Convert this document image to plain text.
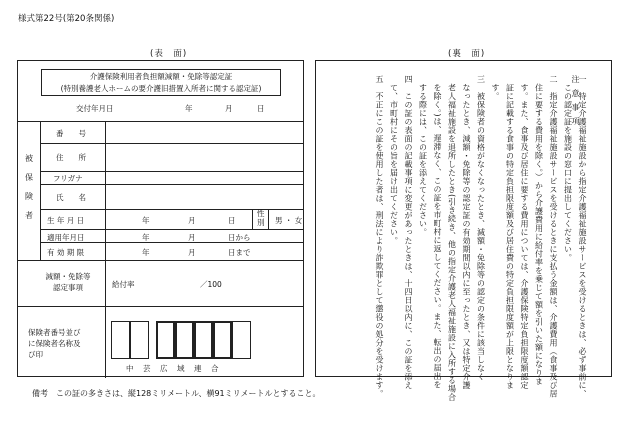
様式第22号(第20条関係)
(表　面)	(裏　面)
介護保険利用者負担額減額・免除等認定証
(特別養護老人ホームの要介護旧措置入所者に関する認定証)
交付年月日	年	月	日
被
保
険
者
番　　号
住　　所
フリガナ
氏　　名
生 年 月 日	年	月	日
性
別 男 ・ 女
適用年月日	年	月	日から
有 効 期 限	年	月	日まで
減額・免除等
認定事項	給付率	／100
保険者番号並び
に保険者名称及
び印
中　芸　広　域　連　合
備考　この証の多きさは、縦128ミリメートル、横91ミリメートルとすること。
注意事項
一　特定介護福祉施設から指定介護福祉施設サービスを受けるときは、必ず事前に、
　この認定証を施設の窓口に提出してください。
二　指定介護福祉施設サービスを受けるときに支払う金額は、介護費用（食事及び居
　住に要する費用を除く。）から介護費用に給付率を乗じて額を引いた額になりま
　す。また、食事及び居住に要する費用については、介護保険特定負担限度額認定
　証に記載する食事の特定負担限度額及び居住費の特定負担限度額が上限となりま
　す。
三　被保険者の資格がなくなったとき、減額・免除等の認定の条件に該当しなく
　なったとき、減額・免除等の認定証の有効期間以内に至ったとき、又は特定介護
　老人福祉施設を退所したとき(引き続き、他の指定介護老人福祉施設に入所する場合
　を除く。)は、遅滞なく、この証を市町村に返してください。また、転出の届出を
　する際には、この証を添えてください。
四　この証の表面の記載事項に変更があったときは、十四日以内に、この証を添え
　て、市町村にその旨を届け出てください。
五　不正にこの証を使用した者は、刑法により詐欺罪として懲役の処分を受けます。
